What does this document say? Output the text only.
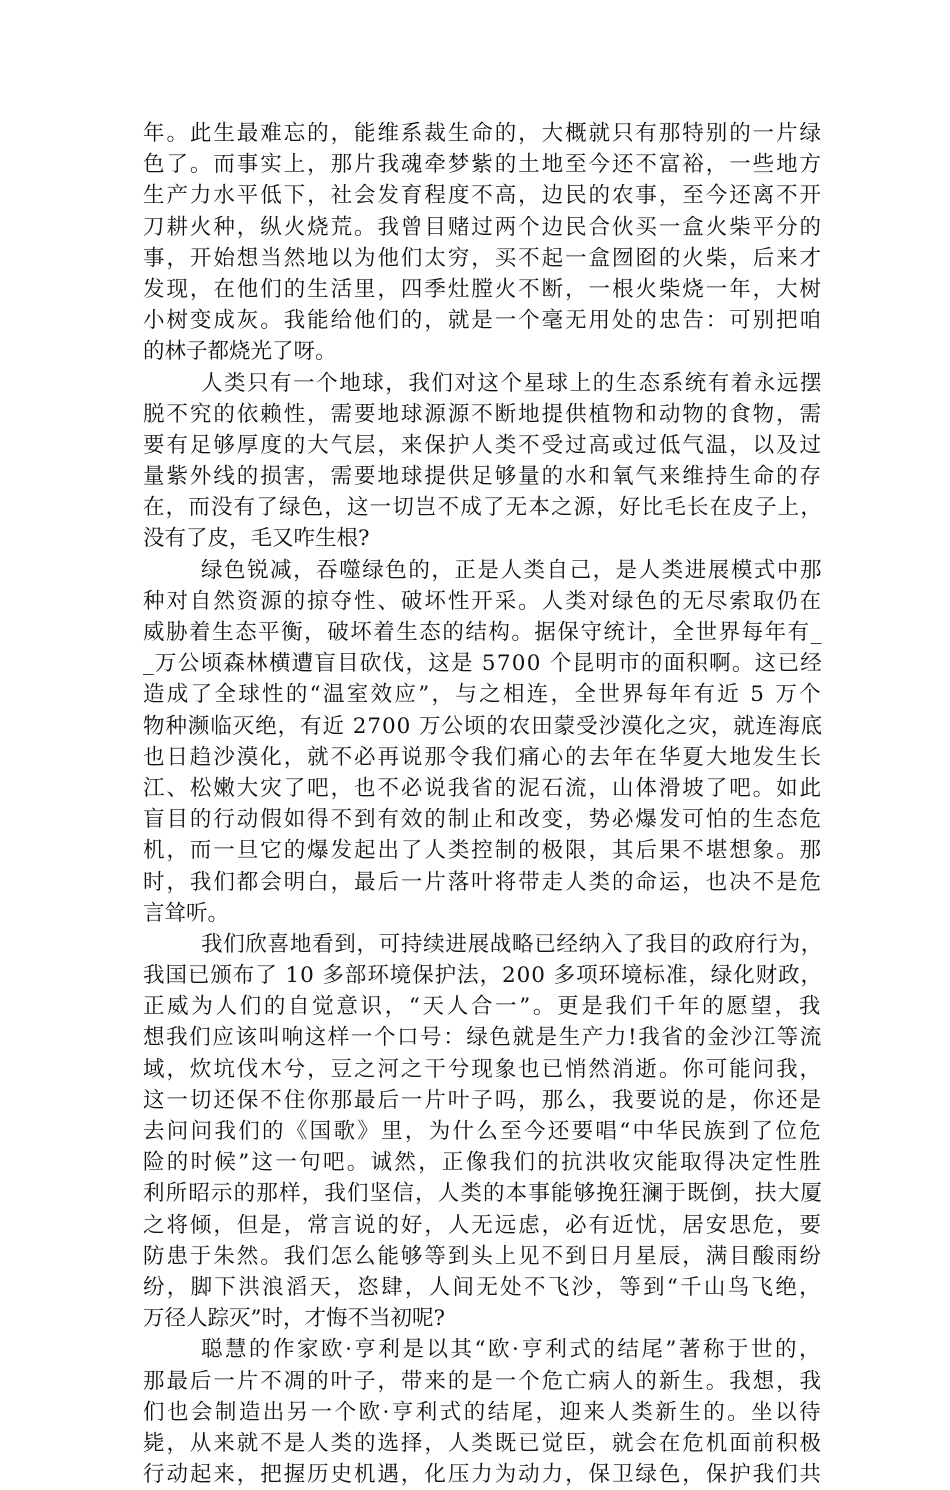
年。此生最难忘的，能维系裁生命的，大概就只有那特别的一片绿
色了。而事实上，那片我魂牵梦紫的土地至今还不富裕，一些地方
生产力水平低下，社会发育程度不高，边民的农事，至今还离不开
刀耕火种，纵火烧荒。我曾目赌过两个边民合伙买一盒火柴平分的
事，开始想当然地以为他们太穷，买不起一盒囫囵的火柴，后来才
发现，在他们的生活里，四季灶膛火不断，一根火柴烧一年，大树
小树变成灰。我能给他们的，就是一个毫无用处的忠告：可别把咱
的林子都烧光了呀。
人类只有一个地球，我们对这个星球上的生态系统有着永远摆
脱不究的依赖性，需要地球源源不断地提供植物和动物的食物，需
要有足够厚度的大气层，来保护人类不受过高或过低气温，以及过
量紫外线的损害，需要地球提供足够量的水和氧气来维持生命的存
在，而没有了绿色，这一切岂不成了无本之源，好比毛长在皮子上，
没有了皮，毛又咋生根?
绿色锐减，吞噬绿色的，正是人类自己，是人类进展模式中那
种对自然资源的掠夺性、破坏性开采。人类对绿色的无尽索取仍在
威胁着生态平衡，破坏着生态的结构。据保守统计，全世界每年有_
_万公顷森林横遭盲目砍伐，这是 5700 个昆明市的面积啊。这已经
造成了全球性的“温室效应”，与之相连，全世界每年有近 5 万个
物种濒临灭绝，有近 2700 万公顷的农田蒙受沙漠化之灾，就连海底
也日趋沙漠化，就不必再说那令我们痛心的去年在华夏大地发生长
江、松嫩大灾了吧，也不必说我省的泥石流，山体滑坡了吧。如此
盲目的行动假如得不到有效的制止和改变，势必爆发可怕的生态危
机，而一旦它的爆发起出了人类控制的极限，其后果不堪想象。那
时，我们都会明白，最后一片落叶将带走人类的命运，也决不是危
言耸听。
我们欣喜地看到，可持续进展战略已经纳入了我目的政府行为，
我国已颁布了 10 多部环境保护法，200 多项环境标准，绿化财政，
正威为人们的自觉意识，“天人合一”。更是我们千年的愿望，我
想我们应该叫响这样一个口号：绿色就是生产力!我省的金沙江等流
域，炊坑伐木兮，豆之河之干兮现象也已悄然消逝。你可能问我，
这一切还保不住你那最后一片叶子吗，那么，我要说的是，你还是
去问问我们的《国歌》里，为什么至今还要唱“中华民族到了位危
险的时候”这一句吧。诚然，正像我们的抗洪收灾能取得决定性胜
利所昭示的那样，我们坚信，人类的本事能够挽狂澜于既倒，扶大厦
之将倾，但是，常言说的好，人无远虑，必有近忧，居安思危，要
防患于朱然。我们怎么能够等到头上见不到日月星辰，满目酸雨纷
纷，脚下洪浪滔天，恣肆，人间无处不飞沙，等到“千山鸟飞绝，
万径人踪灭”时，才悔不当初呢?
聪慧的作家欧·亨利是以其“欧·亨利式的结尾”著称于世的，
那最后一片不凋的叶子，带来的是一个危亡病人的新生。我想，我
们也会制造出另一个欧·亨利式的结尾，迎来人类新生的。坐以待
毙，从来就不是人类的选择，人类既已觉臣，就会在危机面前积极
行动起来，把握历史机遇，化压力为动力，保卫绿色，保护我们共
